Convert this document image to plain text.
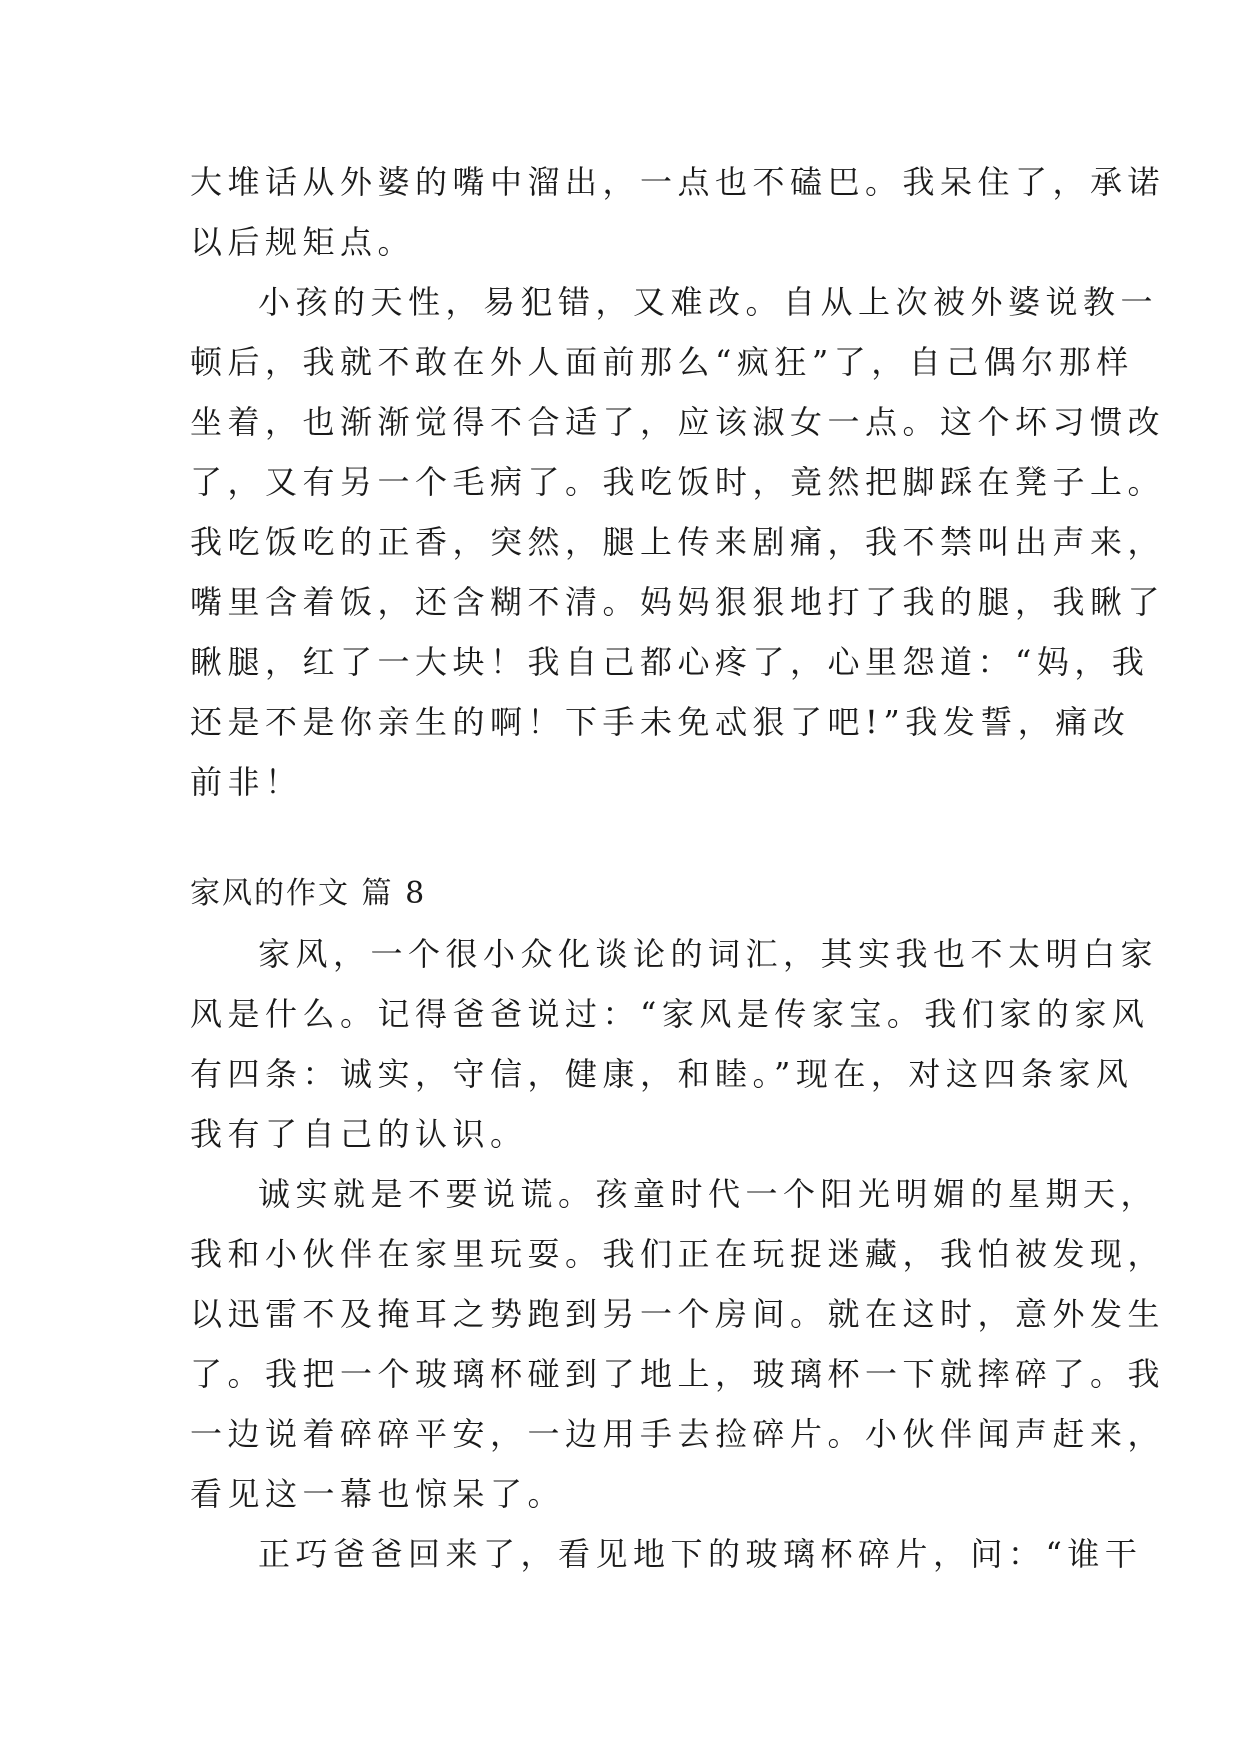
大堆话从外婆的嘴中溜出，一点也不磕巴。我呆住了，承诺
以后规矩点。
小孩的天性，易犯错，又难改。自从上次被外婆说教一
顿后，我就不敢在外人面前那么“疯狂”了，自己偶尔那样
坐着，也渐渐觉得不合适了，应该淑女一点。这个坏习惯改
了，又有另一个毛病了。我吃饭时，竟然把脚踩在凳子上。
我吃饭吃的正香，突然，腿上传来剧痛，我不禁叫出声来，
嘴里含着饭，还含糊不清。妈妈狠狠地打了我的腿，我瞅了
瞅腿，红了一大块！我自己都心疼了，心里怨道：“妈，我
还是不是你亲生的啊！下手未免忒狠了吧!”我发誓，痛改
前非！
家风的作文 篇 8
家风，一个很小众化谈论的词汇，其实我也不太明白家
风是什么。记得爸爸说过：“家风是传家宝。我们家的家风
有四条：诚实，守信，健康，和睦。”现在，对这四条家风
我有了自己的认识。
诚实就是不要说谎。孩童时代一个阳光明媚的星期天，
我和小伙伴在家里玩耍。我们正在玩捉迷藏，我怕被发现，
以迅雷不及掩耳之势跑到另一个房间。就在这时，意外发生
了。我把一个玻璃杯碰到了地上，玻璃杯一下就摔碎了。我
一边说着碎碎平安，一边用手去捡碎片。小伙伴闻声赶来，
看见这一幕也惊呆了。
正巧爸爸回来了，看见地下的玻璃杯碎片，问：“谁干
